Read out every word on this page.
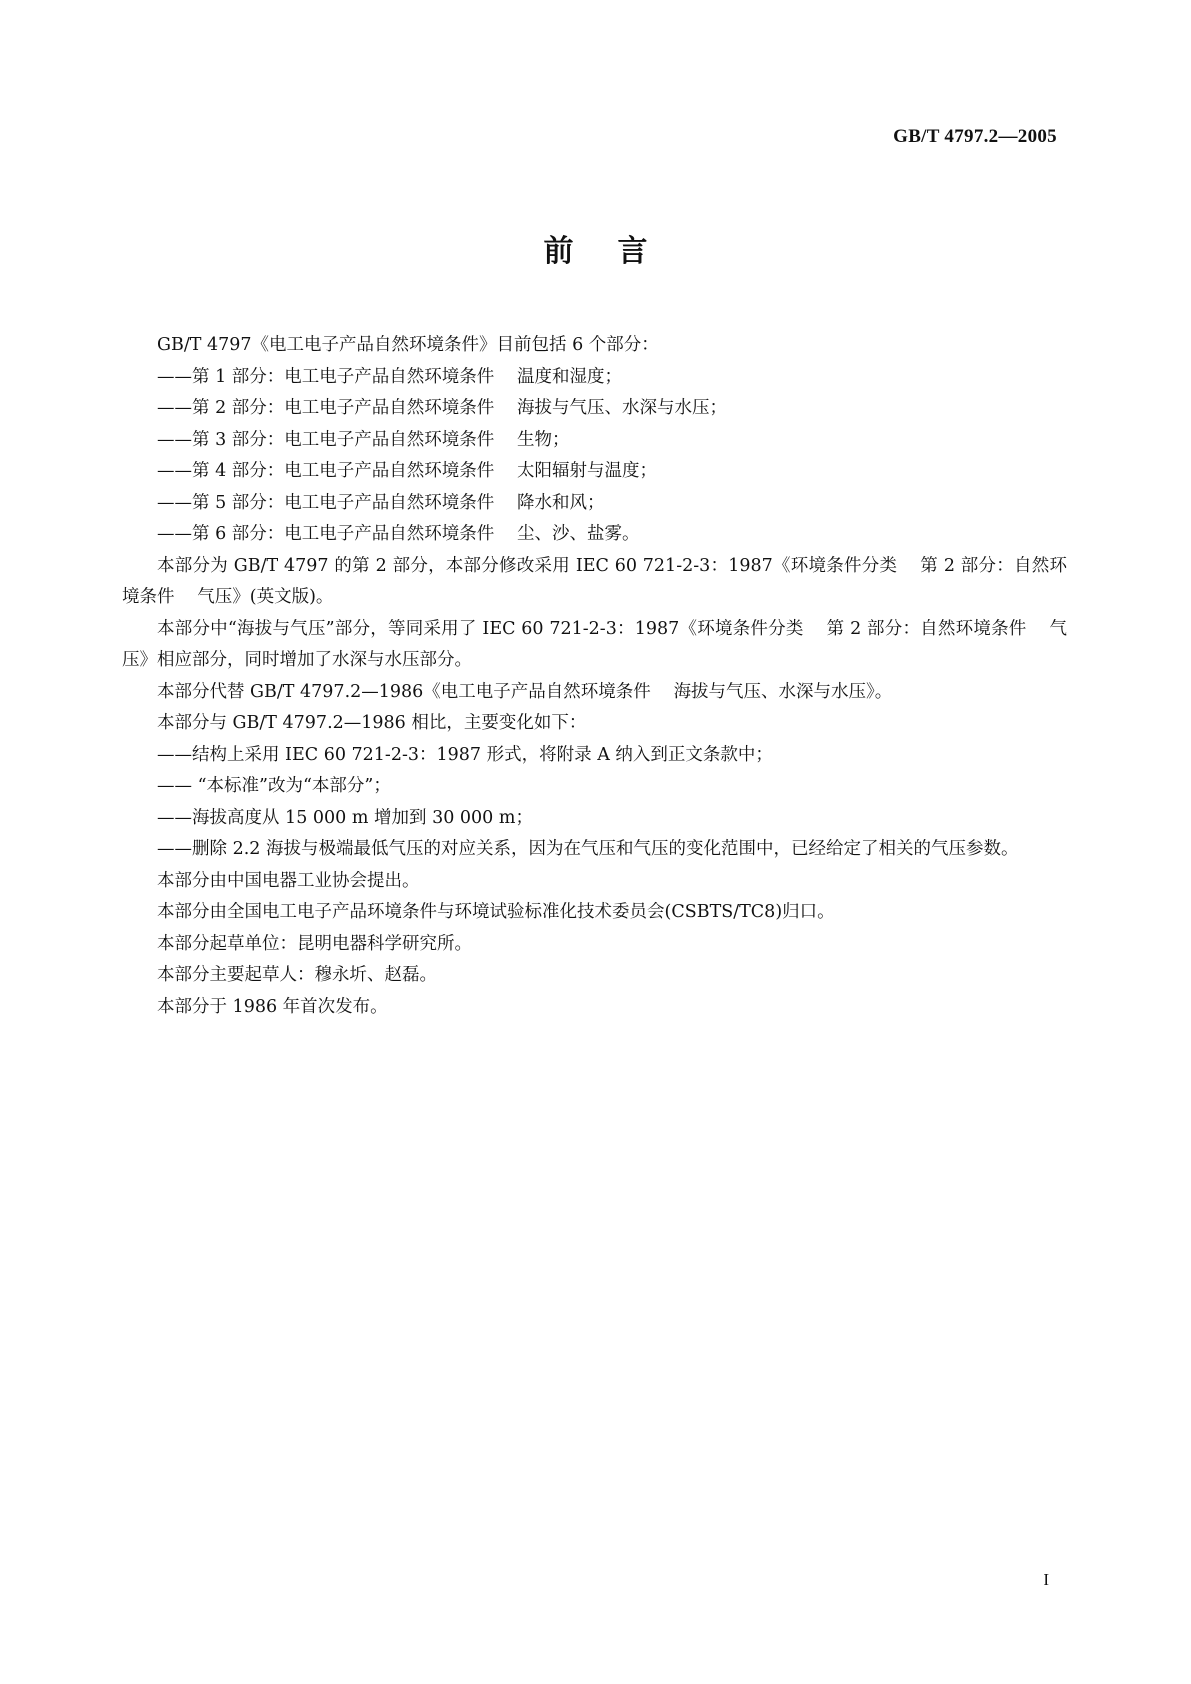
GB/T 4797.2—2005
前言

GB/T 4797《电工电子产品自然环境条件》目前包括 6 个部分：

——第 1 部分：电工电子产品自然环境条件 温度和湿度；

——第 2 部分：电工电子产品自然环境条件 海拔与气压、水深与水压；

——第 3 部分：电工电子产品自然环境条件 生物；

——第 4 部分：电工电子产品自然环境条件 太阳辐射与温度；

——第 5 部分：电工电子产品自然环境条件 降水和风；

——第 6 部分：电工电子产品自然环境条件 尘、沙、盐雾。

本部分为 GB/T 4797 的第 2 部分，本部分修改采用 IEC 60 721-2-3：1987《环境条件分类 第 2 部分：自然环境条件 气压》(英文版)。

本部分中“海拔与气压”部分，等同采用了 IEC 60 721-2-3：1987《环境条件分类 第 2 部分：自然环境条件 气压》相应部分，同时增加了水深与水压部分。

本部分代替 GB/T 4797.2—1986《电工电子产品自然环境条件 海拔与气压、水深与水压》。

本部分与 GB/T 4797.2—1986 相比，主要变化如下：

——结构上采用 IEC 60 721-2-3：1987 形式，将附录 A 纳入到正文条款中；

—— “本标准”改为“本部分”；

——海拔高度从 15 000 m 增加到 30 000 m；

——删除 2.2 海拔与极端最低气压的对应关系，因为在气压和气压的变化范围中，已经给定了相关的气压参数。

本部分由中国电器工业协会提出。

本部分由全国电工电子产品环境条件与环境试验标准化技术委员会(CSBTS/TC8)归口。

本部分起草单位：昆明电器科学研究所。

本部分主要起草人：穆永圻、赵磊。

本部分于 1986 年首次发布。

I
